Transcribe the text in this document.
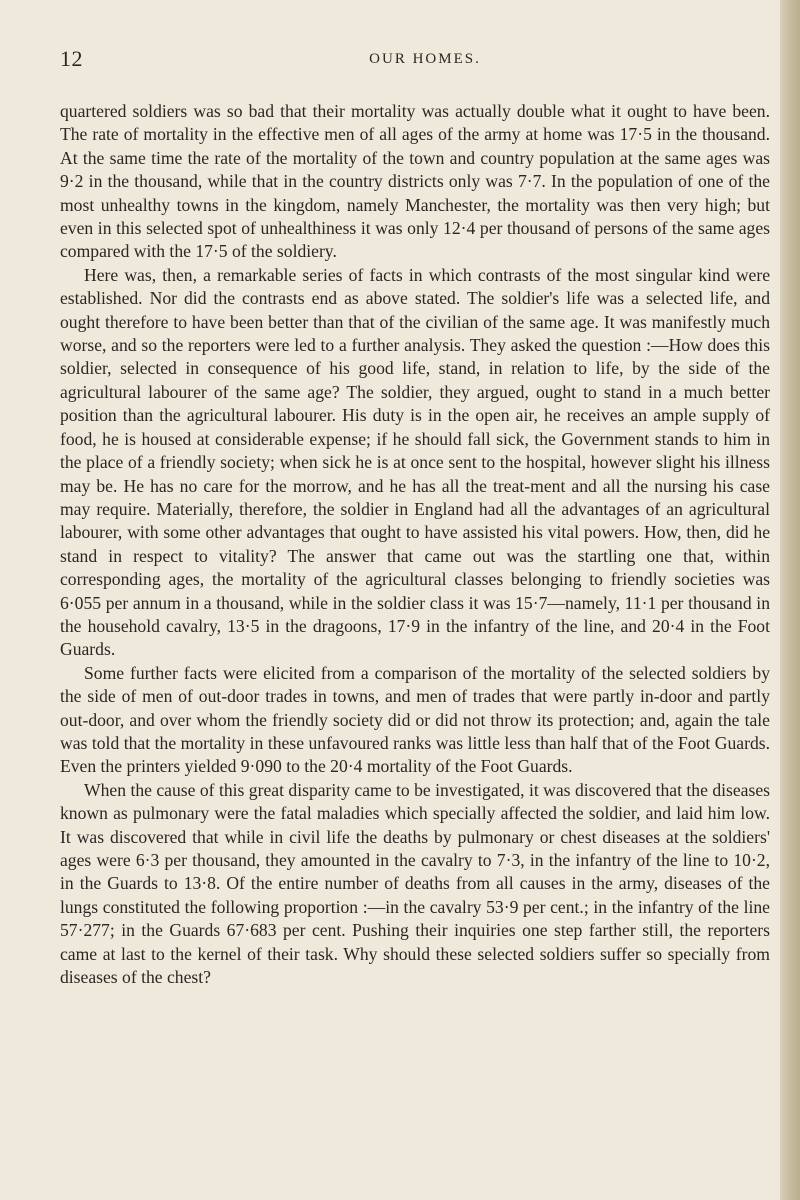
12	OUR HOMES.

quartered soldiers was so bad that their mortality was actually double what it ought to have been. The rate of mortality in the effective men of all ages of the army at home was 17·5 in the thousand. At the same time the rate of the mortality of the town and country population at the same ages was 9·2 in the thousand, while that in the country districts only was 7·7. In the population of one of the most unhealthy towns in the kingdom, namely Manchester, the mortality was then very high; but even in this selected spot of unhealthiness it was only 12·4 per thousand of persons of the same ages compared with the 17·5 of the soldiery.

Here was, then, a remarkable series of facts in which contrasts of the most singular kind were established. Nor did the contrasts end as above stated. The soldier's life was a selected life, and ought therefore to have been better than that of the civilian of the same age. It was manifestly much worse, and so the reporters were led to a further analysis. They asked the question :—How does this soldier, selected in consequence of his good life, stand, in relation to life, by the side of the agricultural labourer of the same age? The soldier, they argued, ought to stand in a much better position than the agricultural labourer. His duty is in the open air, he receives an ample supply of food, he is housed at considerable expense; if he should fall sick, the Government stands to him in the place of a friendly society; when sick he is at once sent to the hospital, however slight his illness may be. He has no care for the morrow, and he has all the treat-ment and all the nursing his case may require. Materially, therefore, the soldier in England had all the advantages of an agricultural labourer, with some other advantages that ought to have assisted his vital powers. How, then, did he stand in respect to vitality? The answer that came out was the startling one that, within corresponding ages, the mortality of the agricultural classes belonging to friendly societies was 6·055 per annum in a thousand, while in the soldier class it was 15·7—namely, 11·1 per thousand in the household cavalry, 13·5 in the dragoons, 17·9 in the infantry of the line, and 20·4 in the Foot Guards.

Some further facts were elicited from a comparison of the mortality of the selected soldiers by the side of men of out-door trades in towns, and men of trades that were partly in-door and partly out-door, and over whom the friendly society did or did not throw its protection; and, again the tale was told that the mortality in these unfavoured ranks was little less than half that of the Foot Guards. Even the printers yielded 9·090 to the 20·4 mortality of the Foot Guards.

When the cause of this great disparity came to be investigated, it was discovered that the diseases known as pulmonary were the fatal maladies which specially affected the soldier, and laid him low. It was discovered that while in civil life the deaths by pulmonary or chest diseases at the soldiers' ages were 6·3 per thousand, they amounted in the cavalry to 7·3, in the infantry of the line to 10·2, in the Guards to 13·8. Of the entire number of deaths from all causes in the army, diseases of the lungs constituted the following proportion :—in the cavalry 53·9 per cent.; in the infantry of the line 57·277; in the Guards 67·683 per cent. Pushing their inquiries one step farther still, the reporters came at last to the kernel of their task. Why should these selected soldiers suffer so specially from diseases of the chest?
